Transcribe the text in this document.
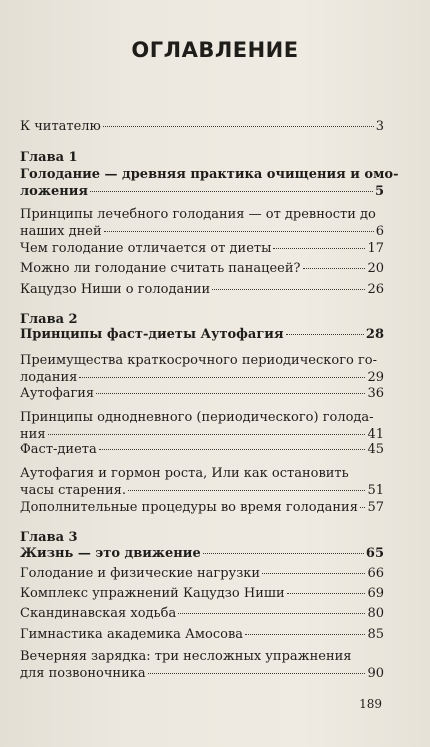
ОГЛАВЛЕНИЕ
К читателю	3
Глава 1
Голодание — древняя практика очищения и омо-
ложения	5
Принципы лечебного голодания — от древности до
наших дней	6
Чем голодание отличается от диеты	17
Можно ли голодание считать панацеей?	20
Кацудзо Ниши о голодании	26
Глава 2
Принципы фаст-диеты Аутофагия	28
Преимущества краткосрочного периодического го-
лодания	29
Аутофагия	36
Принципы однодневного (периодического) голода-
ния	41
Фаст-диета	45
Аутофагия и гормон роста, Или как остановить
часы старения.	51
Дополнительные процедуры во время голодания 57
Глава 3
Жизнь — это движение	65
Голодание и физические нагрузки	66
Комплекс упражнений Кацудзо Ниши	69
Скандинавская ходьба	80
Гимнастика академика Амосова	85
Вечерняя зарядка: три несложных упражнения
для позвоночника	90
189
